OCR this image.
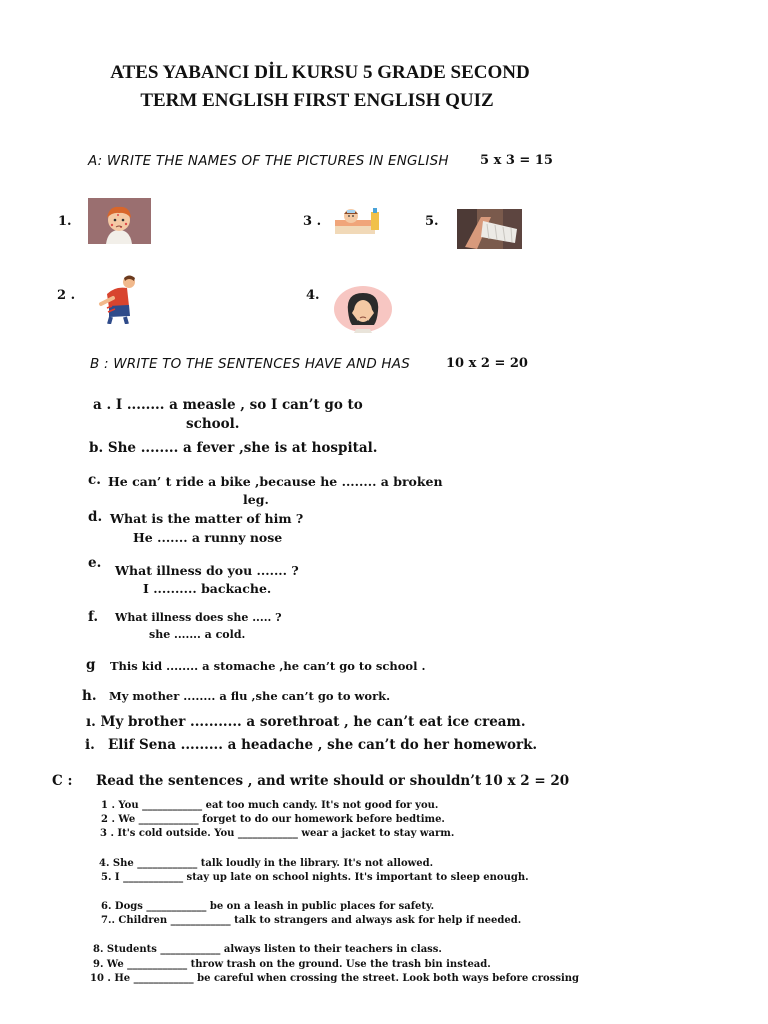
ATES YABANCI DİL KURSU 5 GRADE SECOND
TERM ENGLISH FIRST ENGLISH QUIZ
A: WRITE THE NAMES OF THE PICTURES IN ENGLISH 5 x 3 = 15
1.
2 .
3 .
4.
5.
B : WRITE TO THE SENTENCES HAVE AND HAS	10 x 2 = 20
a . I ........ a measle , so I can’t go to
school.
b. She ........ a fever ,she is at hospital.
c. He can’ t ride a bike ,because he ........ a broken
leg.
d. What is the matter of him ?
He ....... a runny nose
e. What illness do you ....... ?
I .......... backache.
f. What illness does she ..... ?
she ....... a cold.
g This kid ........ a stomache ,he can’t go to school .
h. My mother ........ a flu ,she can’t go to work.
ı. My brother ........... a sorethroat , he can’t eat ice cream.
i. Elif Sena ......... a headache , she can’t do her homework.
C : Read the sentences , and write should or shouldn’t 10 x 2 = 20
1 . You ____________ eat too much candy. It's not good for you.
2 . We ____________ forget to do our homework before bedtime.
3 . It's cold outside. You ____________ wear a jacket to stay warm.
4. She ____________ talk loudly in the library. It's not allowed.
5. I ____________ stay up late on school nights. It's important to sleep enough.
6. Dogs ____________ be on a leash in public places for safety.
7.. Children ____________ talk to strangers and always ask for help if needed.
8. Students ____________ always listen to their teachers in class.
9. We ____________ throw trash on the ground. Use the trash bin instead.
10 . He ____________ be careful when crossing the street. Look both ways before crossing
